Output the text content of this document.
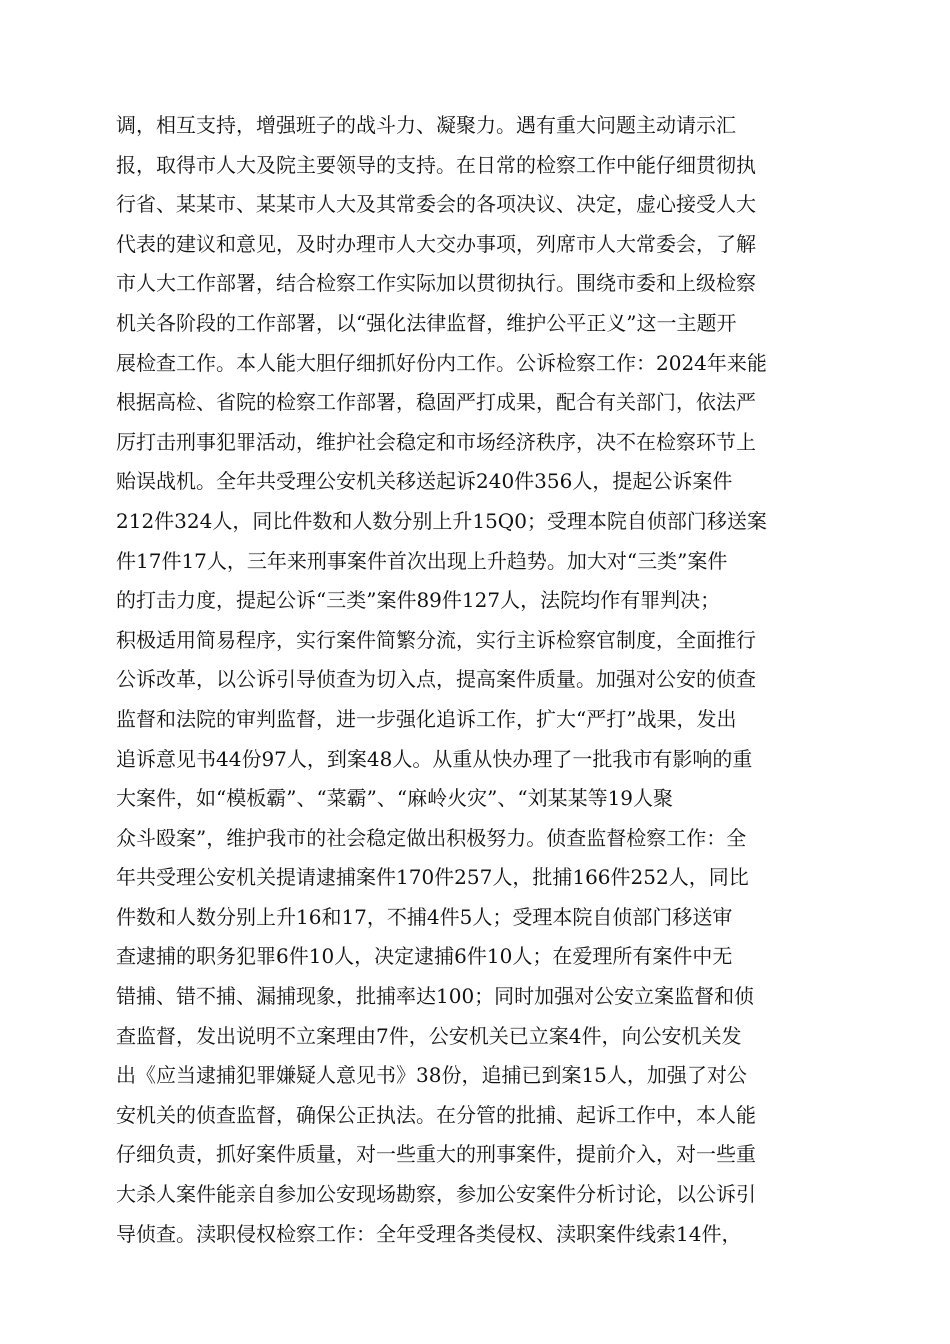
调，相互支持，增强班子的战斗力、凝聚力。遇有重大问题主动请示汇
报，取得市人大及院主要领导的支持。在日常的检察工作中能仔细贯彻执
行省、某某市、某某市人大及其常委会的各项决议、决定，虚心接受人大
代表的建议和意见，及时办理市人大交办事项，列席市人大常委会，了解
市人大工作部署，结合检察工作实际加以贯彻执行。围绕市委和上级检察
机关各阶段的工作部署，以“强化法律监督，维护公平正义”这一主题开
展检查工作。本人能大胆仔细抓好份内工作。公诉检察工作：2024年来能
根据高检、省院的检察工作部署，稳固严打成果，配合有关部门，依法严
厉打击刑事犯罪活动，维护社会稳定和市场经济秩序，决不在检察环节上
贻误战机。全年共受理公安机关移送起诉240件356人，提起公诉案件
212件324人，同比件数和人数分别上升15Q0；受理本院自侦部门移送案
件17件17人，三年来刑事案件首次出现上升趋势。加大对“三类”案件
的打击力度，提起公诉“三类”案件89件127人，法院均作有罪判决；
积极适用简易程序，实行案件简繁分流，实行主诉检察官制度，全面推行
公诉改革，以公诉引导侦查为切入点，提高案件质量。加强对公安的侦查
监督和法院的审判监督，进一步强化追诉工作，扩大“严打”战果，发出
追诉意见书44份97人，到案48人。从重从快办理了一批我市有影响的重
大案件，如“模板霸”、“菜霸”、“麻岭火灾”、“刘某某等19人聚
众斗殴案”，维护我市的社会稳定做出积极努力。侦查监督检察工作：全
年共受理公安机关提请逮捕案件170件257人，批捕166件252人，同比
件数和人数分别上升16和17，不捕4件5人；受理本院自侦部门移送审
查逮捕的职务犯罪6件10人，决定逮捕6件10人；在爱理所有案件中无
错捕、错不捕、漏捕现象，批捕率达100；同时加强对公安立案监督和侦
查监督，发出说明不立案理由7件，公安机关已立案4件，向公安机关发
出《应当逮捕犯罪嫌疑人意见书》38份，追捕已到案15人，加强了对公
安机关的侦查监督，确保公正执法。在分管的批捕、起诉工作中，本人能
仔细负责，抓好案件质量，对一些重大的刑事案件，提前介入，对一些重
大杀人案件能亲自参加公安现场勘察，参加公安案件分析讨论，以公诉引
导侦查。渎职侵权检察工作：全年受理各类侵权、渎职案件线索14件，
